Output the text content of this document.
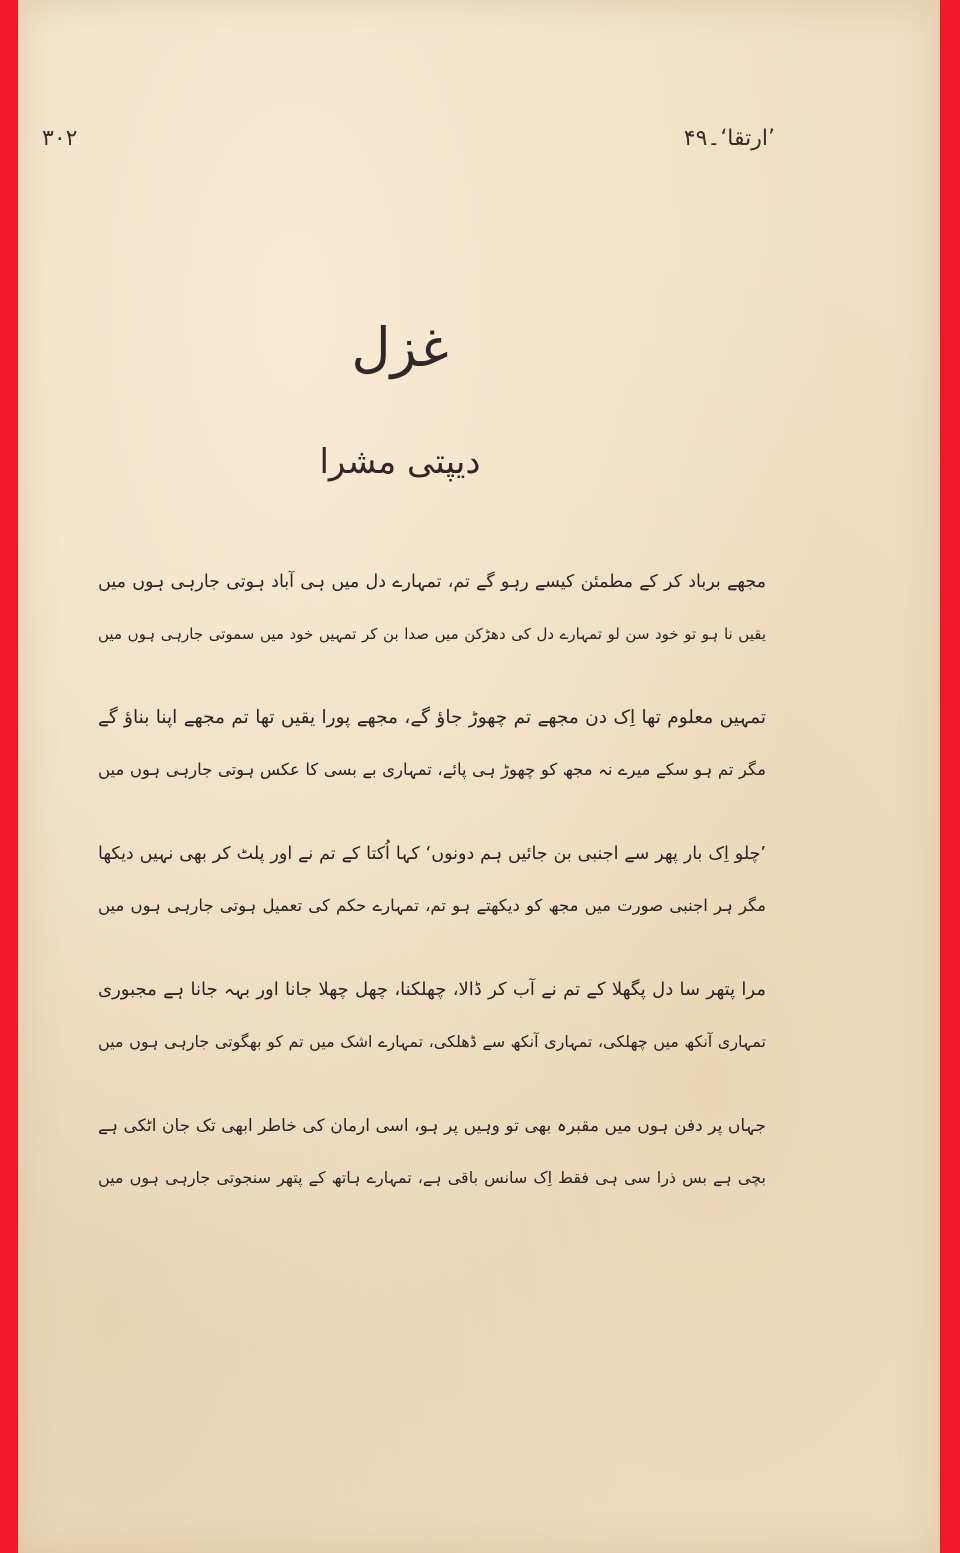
۳۰۲	’ارتقا‘۔۴۹
غزل
دیپتی مشرا
مجھے برباد کر کے مطمئن کیسے رہو گے تم، تمہارے دل میں ہی آباد ہوتی جارہی ہوں میں
یقیں نا ہو تو خود سن لو تمہارے دل کی دھڑکن میں صدا بن کر تمہیں خود میں سموتی جارہی ہوں میں
تمہیں معلوم تھا اِک دن مجھے تم چھوڑ جاؤ گے، مجھے پورا یقیں تھا تم مجھے اپنا بناؤ گے
مگر تم ہو سکے میرے نہ مجھ کو چھوڑ ہی پائے، تمہاری بے بسی کا عکس ہوتی جارہی ہوں میں
’چلو اِک بار پھر سے اجنبی بن جائیں ہم دونوں‘ کہا اُکتا کے تم نے اور پلٹ کر بھی نہیں دیکھا
مگر ہر اجنبی صورت میں مجھ کو دیکھتے ہو تم، تمہارے حکم کی تعمیل ہوتی جارہی ہوں میں
مرا پتھر سا دل پگھلا کے تم نے آب کر ڈالا، چھلکنا، چھل چھلا جانا اور بہہ جانا ہے مجبوری
تمہاری آنکھ میں چھلکی، تمہاری آنکھ سے ڈھلکی، تمہارے اشک میں تم کو بھگوتی جارہی ہوں میں
جہاں پر دفن ہوں میں مقبرہ بھی تو وہیں پر ہو، اسی ارمان کی خاطر ابھی تک جان اٹکی ہے
بچی ہے بس ذرا سی ہی فقط اِک سانس باقی ہے، تمہارے ہاتھ کے پتھر سنجوتی جارہی ہوں میں
